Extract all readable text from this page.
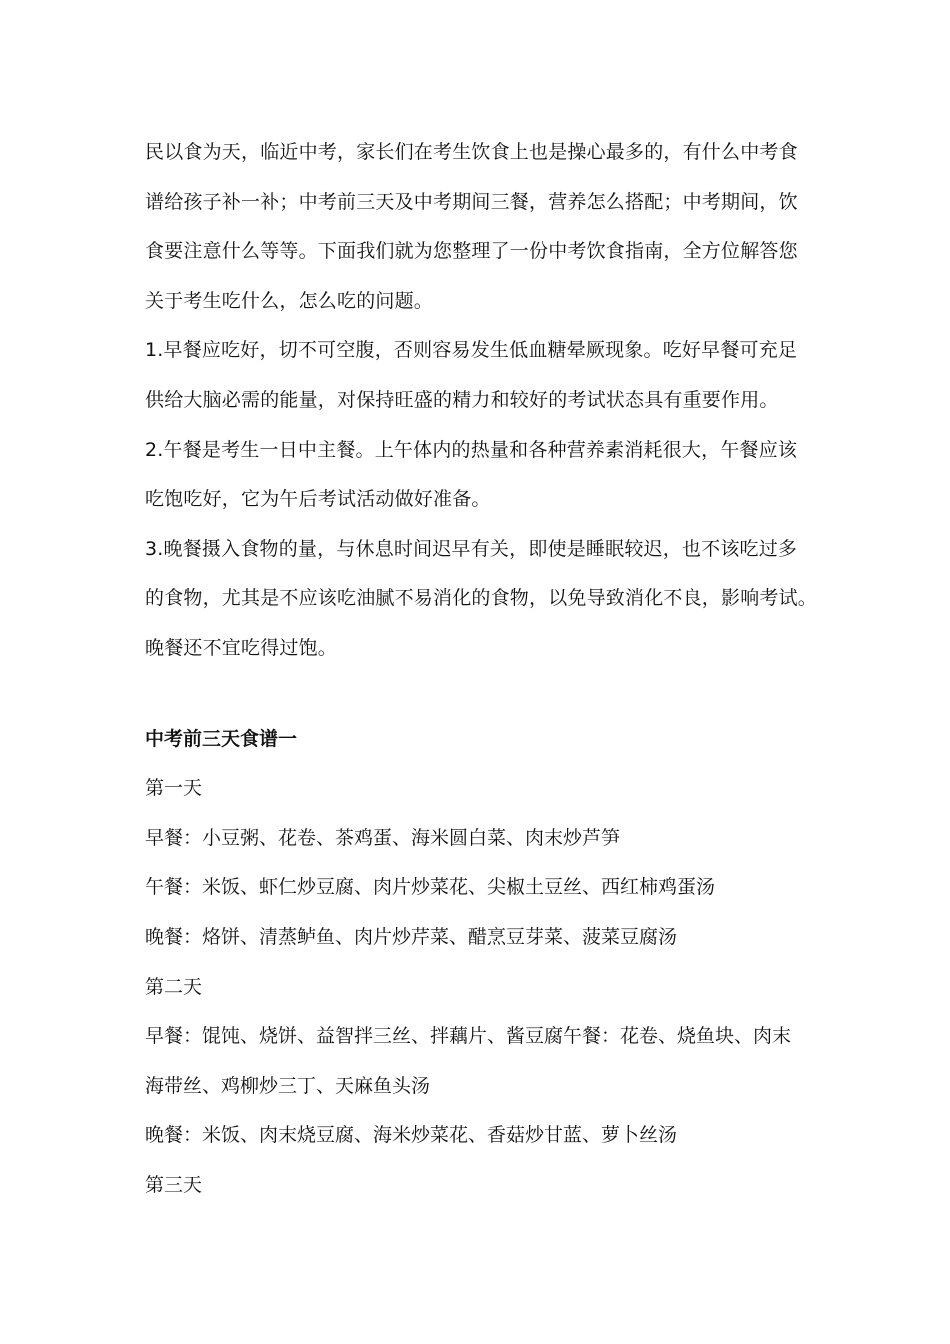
民以食为天，临近中考，家长们在考生饮食上也是操心最多的，有什么中考食

谱给孩子补一补；中考前三天及中考期间三餐，营养怎么搭配；中考期间，饮

食要注意什么等等。下面我们就为您整理了一份中考饮食指南，全方位解答您

关于考生吃什么，怎么吃的问题。

1.早餐应吃好，切不可空腹，否则容易发生低血糖晕厥现象。吃好早餐可充足

供给大脑必需的能量，对保持旺盛的精力和较好的考试状态具有重要作用。

2.午餐是考生一日中主餐。上午体内的热量和各种营养素消耗很大，午餐应该

吃饱吃好，它为午后考试活动做好准备。

3.晚餐摄入食物的量，与休息时间迟早有关，即使是睡眠较迟，也不该吃过多

的食物，尤其是不应该吃油腻不易消化的食物，以免导致消化不良，影响考试。

晚餐还不宜吃得过饱。

中考前三天食谱一

第一天

早餐：小豆粥、花卷、茶鸡蛋、海米圆白菜、肉末炒芦笋

午餐：米饭、虾仁炒豆腐、肉片炒菜花、尖椒土豆丝、西红柿鸡蛋汤

晚餐：烙饼、清蒸鲈鱼、肉片炒芹菜、醋烹豆芽菜、菠菜豆腐汤

第二天

早餐：馄饨、烧饼、益智拌三丝、拌藕片、酱豆腐午餐：花卷、烧鱼块、肉末

海带丝、鸡柳炒三丁、天麻鱼头汤

晚餐：米饭、肉末烧豆腐、海米炒菜花、香菇炒甘蓝、萝卜丝汤

第三天
